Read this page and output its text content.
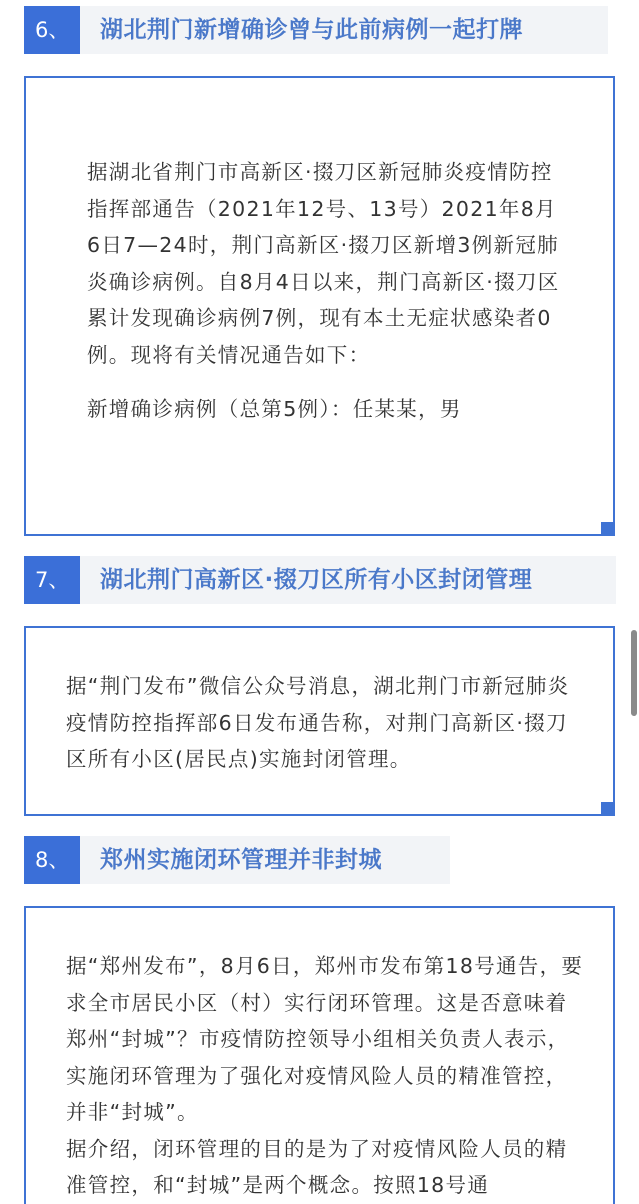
6、	湖北荆门新增确诊曾与此前病例一起打牌

据湖北省荆门市高新区·掇刀区新冠肺炎疫情防控指挥部通告（2021年12号、13号）2021年8月6日7—24时，荆门高新区·掇刀区新增3例新冠肺炎确诊病例。自8月4日以来，荆门高新区·掇刀区累计发现确诊病例7例，现有本土无症状感染者0例。现将有关情况通告如下：

新增确诊病例（总第5例）：任某某，男

7、	湖北荆门高新区·掇刀区所有小区封闭管理

据“荆门发布”微信公众号消息，湖北荆门市新冠肺炎疫情防控指挥部6日发布通告称，对荆门高新区·掇刀区所有小区(居民点)实施封闭管理。

8、	郑州实施闭环管理并非封城

据“郑州发布”，8月6日，郑州市发布第18号通告，要求全市居民小区（村）实行闭环管理。这是否意味着郑州“封城”？市疫情防控领导小组相关负责人表示，实施闭环管理为了强化对疫情风险人员的精准管控，并非“封城”。

据介绍，闭环管理的目的是为了对疫情风险人员的精准管控，和“封城”是两个概念。按照18号通
